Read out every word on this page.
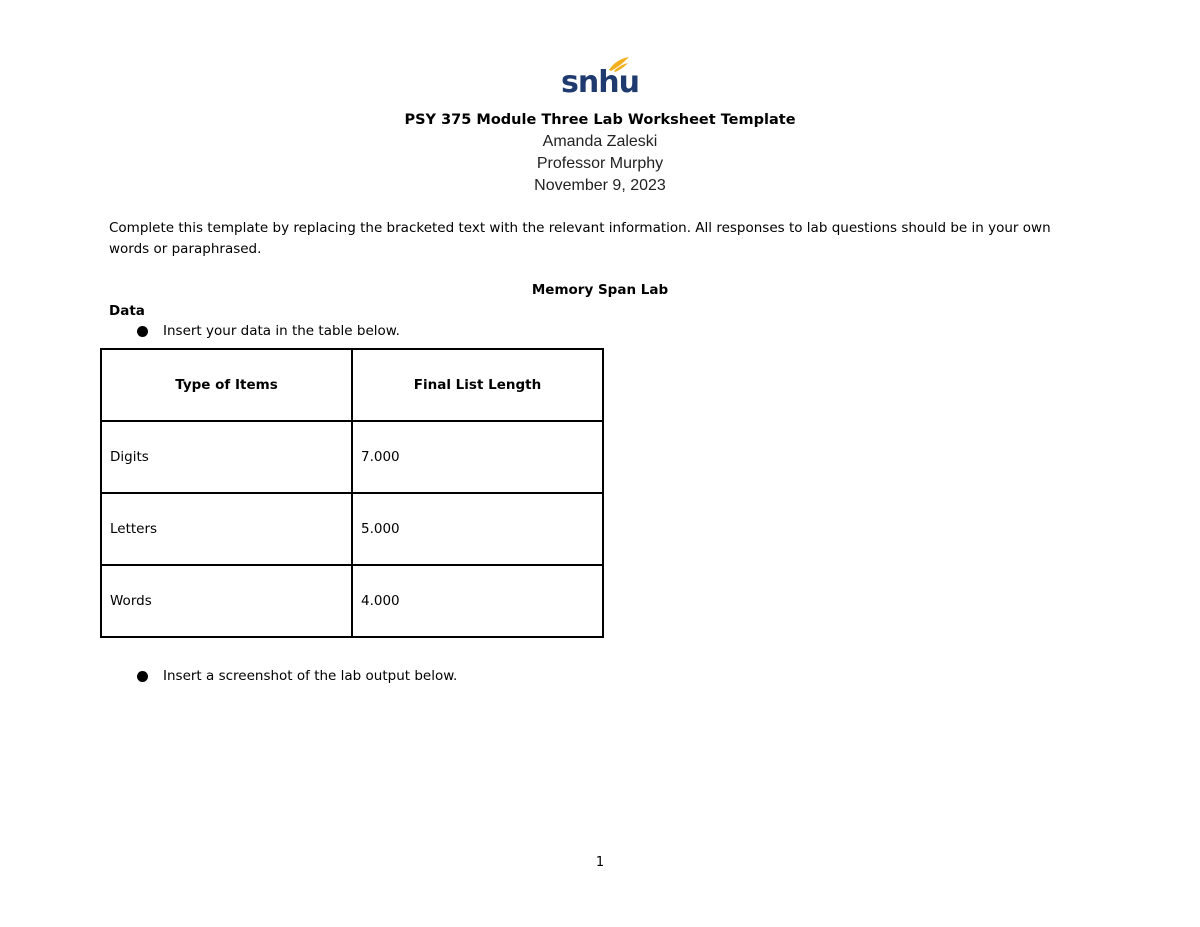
snhu
PSY 375 Module Three Lab Worksheet Template
Amanda Zaleski
Professor Murphy
November 9, 2023
Complete this template by replacing the bracketed text with the relevant information. All responses to lab questions should be in your own words or paraphrased.
Memory Span Lab
Data
Insert your data in the table below.
Type of Items	Final List Length
Digits	7.000
Letters	5.000
Words	4.000
Insert a screenshot of the lab output below.
1
